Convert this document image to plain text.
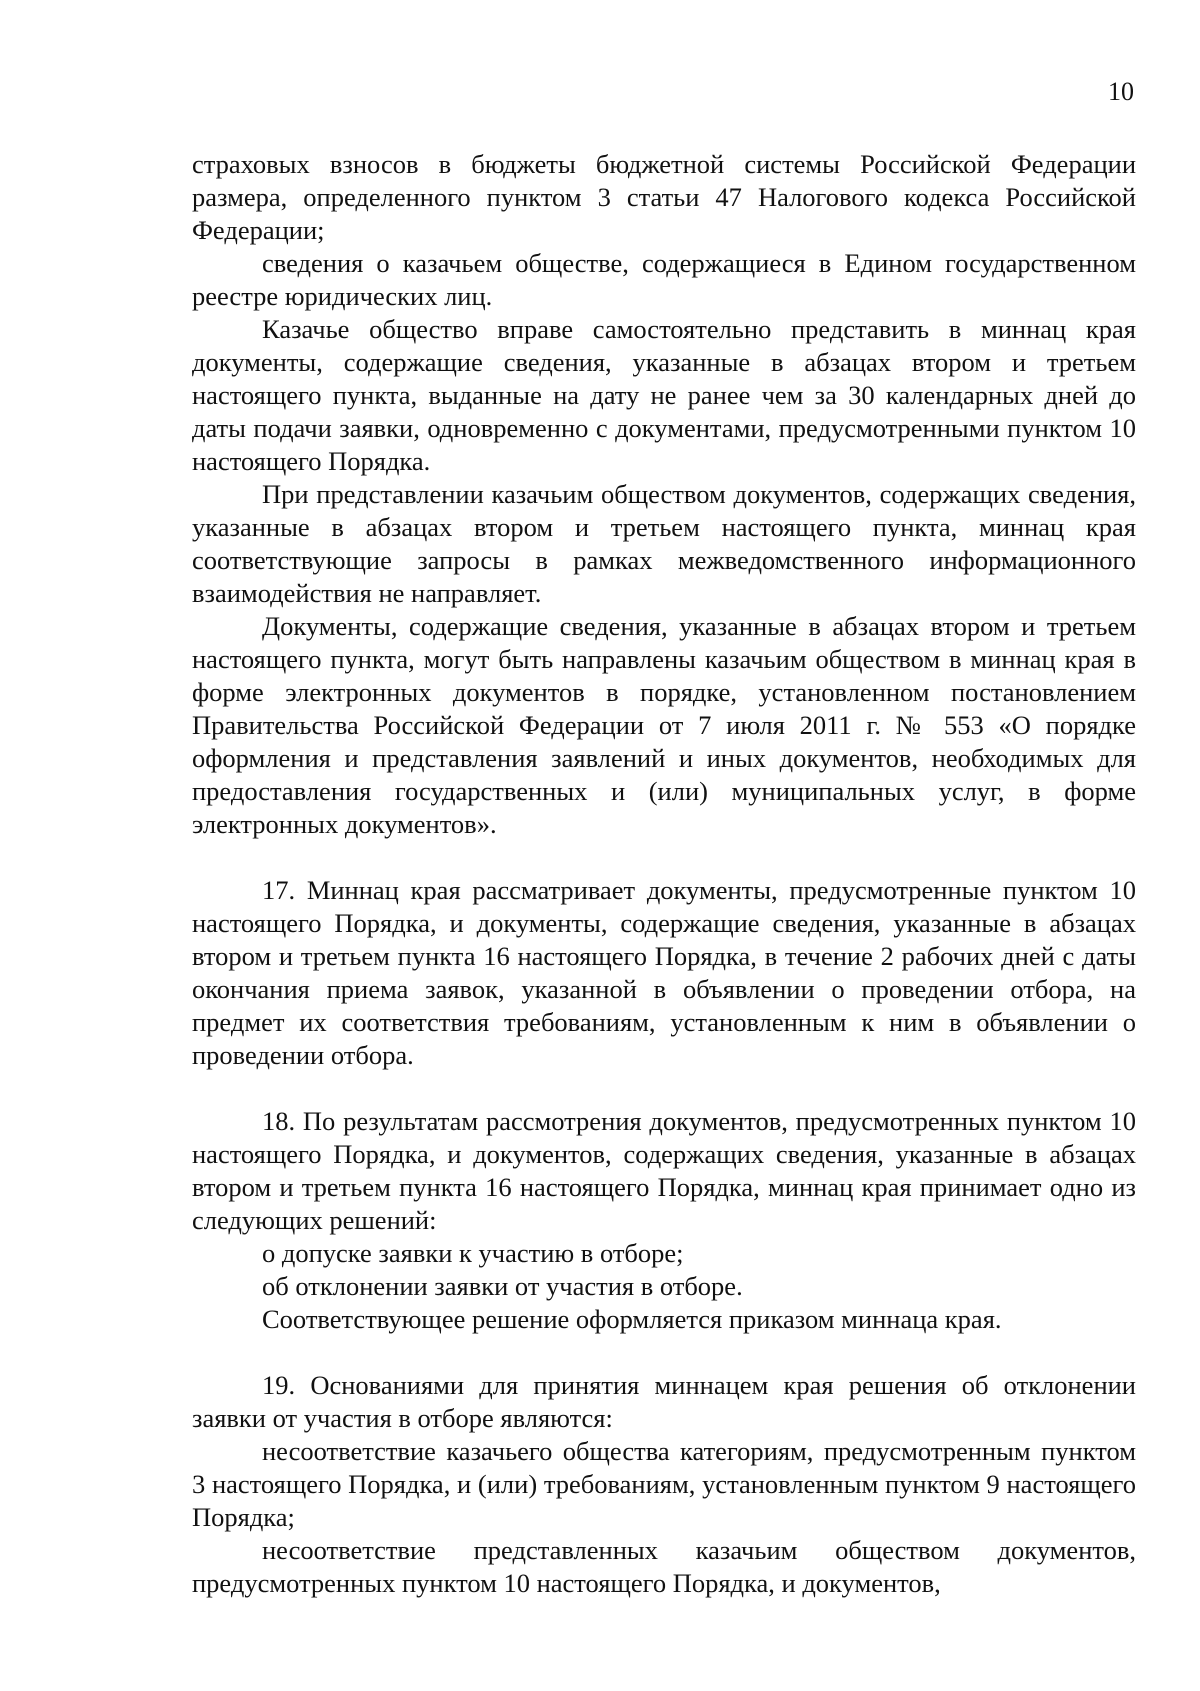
10

страховых взносов в бюджеты бюджетной системы Российской Федерации размера, определенного пунктом 3 статьи 47 Налогового кодекса Российской Федерации;

сведения о казачьем обществе, содержащиеся в Едином государственном реестре юридических лиц.

Казачье общество вправе самостоятельно представить в миннац края документы, содержащие сведения, указанные в абзацах втором и третьем настоящего пункта, выданные на дату не ранее чем за 30 календарных дней до даты подачи заявки, одновременно с документами, предусмотренными пунктом 10 настоящего Порядка.

При представлении казачьим обществом документов, содержащих сведения, указанные в абзацах втором и третьем настоящего пункта, миннац края соответствующие запросы в рамках межведомственного информационного взаимодействия не направляет.

Документы, содержащие сведения, указанные в абзацах втором и третьем настоящего пункта, могут быть направлены казачьим обществом в миннац края в форме электронных документов в порядке, установленном постановлением Правительства Российской Федерации от 7 июля 2011 г. № 553 «О порядке оформления и представления заявлений и иных документов, необходимых для предоставления государственных и (или) муниципальных услуг, в форме электронных документов».

17. Миннац края рассматривает документы, предусмотренные пунктом 10 настоящего Порядка, и документы, содержащие сведения, указанные в абзацах втором и третьем пункта 16 настоящего Порядка, в течение 2 рабочих дней с даты окончания приема заявок, указанной в объявлении о проведении отбора, на предмет их соответствия требованиям, установленным к ним в объявлении о проведении отбора.

18. По результатам рассмотрения документов, предусмотренных пунктом 10 настоящего Порядка, и документов, содержащих сведения, указанные в абзацах втором и третьем пункта 16 настоящего Порядка, миннац края принимает одно из следующих решений:

о допуске заявки к участию в отборе;

об отклонении заявки от участия в отборе.

Соответствующее решение оформляется приказом миннаца края.

19. Основаниями для принятия миннацем края решения об отклонении заявки от участия в отборе являются:

несоответствие казачьего общества категориям, предусмотренным пунктом 3 настоящего Порядка, и (или) требованиям, установленным пунктом 9 настоящего Порядка;

несоответствие представленных казачьим обществом документов, предусмотренных пунктом 10 настоящего Порядка, и документов,
